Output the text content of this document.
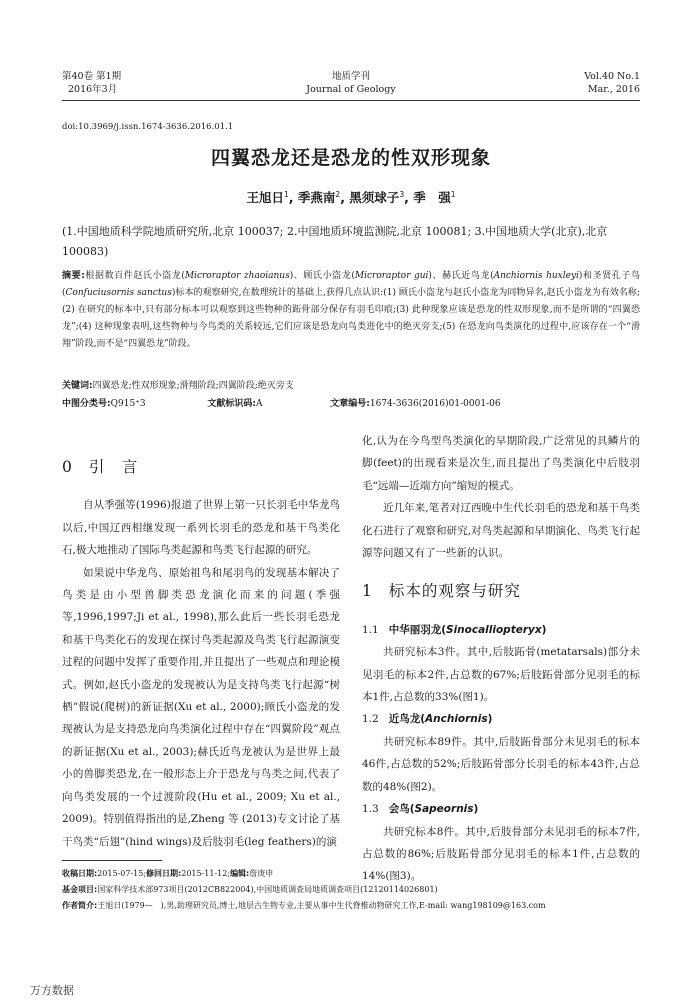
第40卷 第1期
2016年3月
地质学刊
Journal of Geology
Vol.40 No.1
Mar., 2016
doi:10.3969/j.issn.1674-3636.2016.01.1
四翼恐龙还是恐龙的性双形现象
王旭日$^1$, 季燕南$^2$, 黑须球子$^3$, 季　强$^1$
(1.中国地质科学院地质研究所,北京 100037; 2.中国地质环境监测院,北京 100081; 3.中国地质大学(北京),北京 100083)
摘要:根据数百件赵氏小盗龙(Microraptor zhaoianus)、顾氏小盗龙(Microraptor gui)、赫氏近鸟龙(Anchiornis huxleyi)和圣贤孔子鸟(Confuciusornis sanctus)标本的观察研究,在数理统计的基础上,获得几点认识:(1) 顾氏小盗龙与赵氏小盗龙为同物异名,赵氏小盗龙为有效名称;(2) 在研究的标本中,只有部分标本可以观察到这些物种的跖骨部分保存有羽毛印痕;(3) 此种现象应该是恐龙的性双形现象,而不是所谓的“四翼恐龙”;(4) 这种现象表明,这些物种与今鸟类的关系较远,它们应该是恐龙向鸟类进化中的绝灭旁支;(5) 在恐龙向鸟类演化的过程中,应该存在一个“滑翔”阶段,而不是“四翼恐龙”阶段。
关键词:四翼恐龙;性双形现象;滑翔阶段;四翼阶段;绝灭旁支
中图分类号:Q915⁺3	文献标识码:A	文章编号:1674-3636(2016)01-0001-06
0 引　言

自从季强等(1996)报道了世界上第一只长羽毛中华龙鸟以后,中国辽西相继发现一系列长羽毛的恐龙和基干鸟类化石,极大地推动了国际鸟类起源和鸟类飞行起源的研究。

如果说中华龙鸟、原始祖鸟和尾羽鸟的发现基本解决了鸟类是由小型兽脚类恐龙演化而来的问题(季强等,1996,1997;Ji et al., 1998),那么此后一些长羽毛恐龙和基干鸟类化石的发现在探讨鸟类起源及鸟类飞行起源演变过程的问题中发挥了重要作用,并且提出了一些观点和理论模式。例如,赵氏小盗龙的发现被认为是支持鸟类飞行起源“树栖”假说(爬树)的新证据(Xu et al., 2000);顾氏小盗龙的发现被认为是支持恐龙向鸟类演化过程中存在“四翼阶段”观点的新证据(Xu et al., 2003);赫氏近鸟龙被认为是世界上最小的兽脚类恐龙,在一般形态上介于恐龙与鸟类之间,代表了向鸟类发展的一个过渡阶段(Hu et al., 2009; Xu et al., 2009)。特别值得指出的是,Zheng 等 (2013)专文讨论了基干鸟类“后翅”(hind wings)及后肢羽毛(leg feathers)的演

化,认为在今鸟型鸟类演化的早期阶段,广泛常见的具鳞片的脚(feet)的出现看来是次生,而且提出了鸟类演化中后肢羽毛“远端—近端方向”缩短的模式。

近几年来,笔者对辽西晚中生代长羽毛的恐龙和基干鸟类化石进行了观察和研究,对鸟类起源和早期演化、鸟类飞行起源等问题又有了一些新的认识。

1 标本的观察与研究
1.1 中华丽羽龙(Sinocalliopteryx)

共研究标本3件。其中,后肢跖骨(metatarsals)部分未见羽毛的标本2件,占总数的67%;后肢跖骨部分见羽毛的标本1件,占总数的33%(图1)。

1.2 近鸟龙(Anchiornis)

共研究标本89件。其中,后肢跖骨部分未见羽毛的标本46件,占总数的52%;后肢跖骨部分长羽毛的标本43件,占总数的48%(图2)。

1.3 会鸟(Sapeornis)

共研究标本8件。其中,后肢骨部分未见羽毛的标本7件,占总数的86%;后肢跖骨部分见羽毛的标本1件,占总数的14%(图3)。

收稿日期:2015-07-15;修回日期:2015-11-12;编辑:詹庚申
基金项目:国家科学技术部973项目(2012CB822004),中国地质调查局地质调查项目(12120114026801)
作者简介:王旭日(1979—　),男,助理研究员,博士,地层古生物专业,主要从事中生代脊椎动物研究工作,E-mail: wang198109@163.com
万方数据
